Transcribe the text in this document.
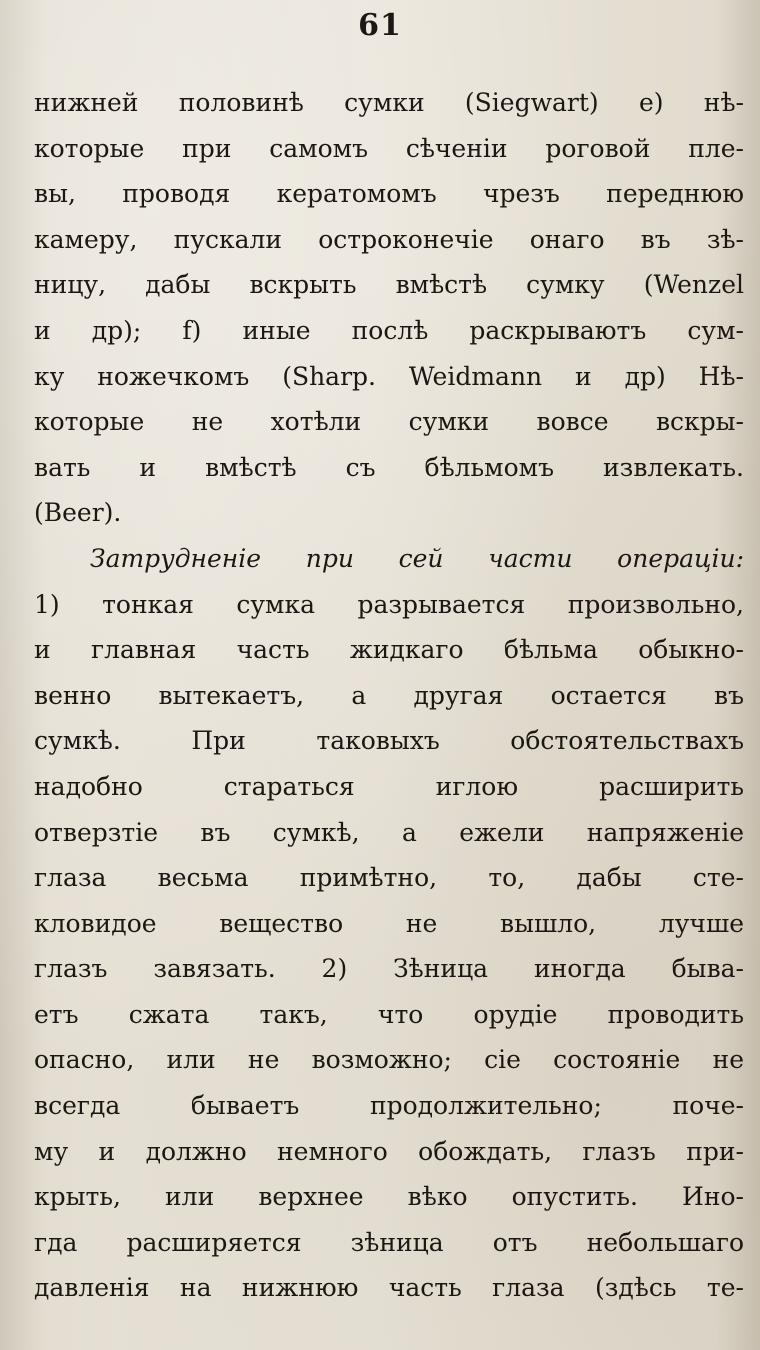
61
нижней половинѣ сумки (Siegwart) e) нѣ-
которые при самомъ сѣченiи роговой пле-
вы, проводя кератомомъ чрезъ переднюю
камеру, пускали остроконечiе онаго въ зѣ-
ницу, дабы вскрыть вмѣстѣ сумку (Wenzel
и др); f) иные послѣ раскрываютъ сум-
ку ножечкомъ (Sharp. Weidmann и др) Нѣ-
которые не хотѣли сумки вовсе вскры-
вать и вмѣстѣ съ бѣльмомъ извлекать.
(Beer).
Затрудненiе при сей части операцiи:
1) тонкая сумка разрывается произвольно,
и главная часть жидкаго бѣльма обыкно-
венно вытекаетъ, а другая остается въ
сумкѣ. При таковыхъ обстоятельствахъ
надобно стараться иглою расширить
отверзтiе въ сумкѣ, а ежели напряженiе
глаза весьма примѣтно, то, дабы сте-
кловидое вещество не вышло, лучше
глазъ завязать. 2) Зѣница иногда быва-
етъ сжата такъ, что орудiе проводить
опасно, или не возможно; сiе состоянiе не
всегда бываетъ продолжительно; поче-
му и должно немного обождать, глазъ при-
крыть, или верхнее вѣко опустить. Ино-
гда расширяется зѣница отъ небольшаго
давленiя на нижнюю часть глаза (здѣсь те-
